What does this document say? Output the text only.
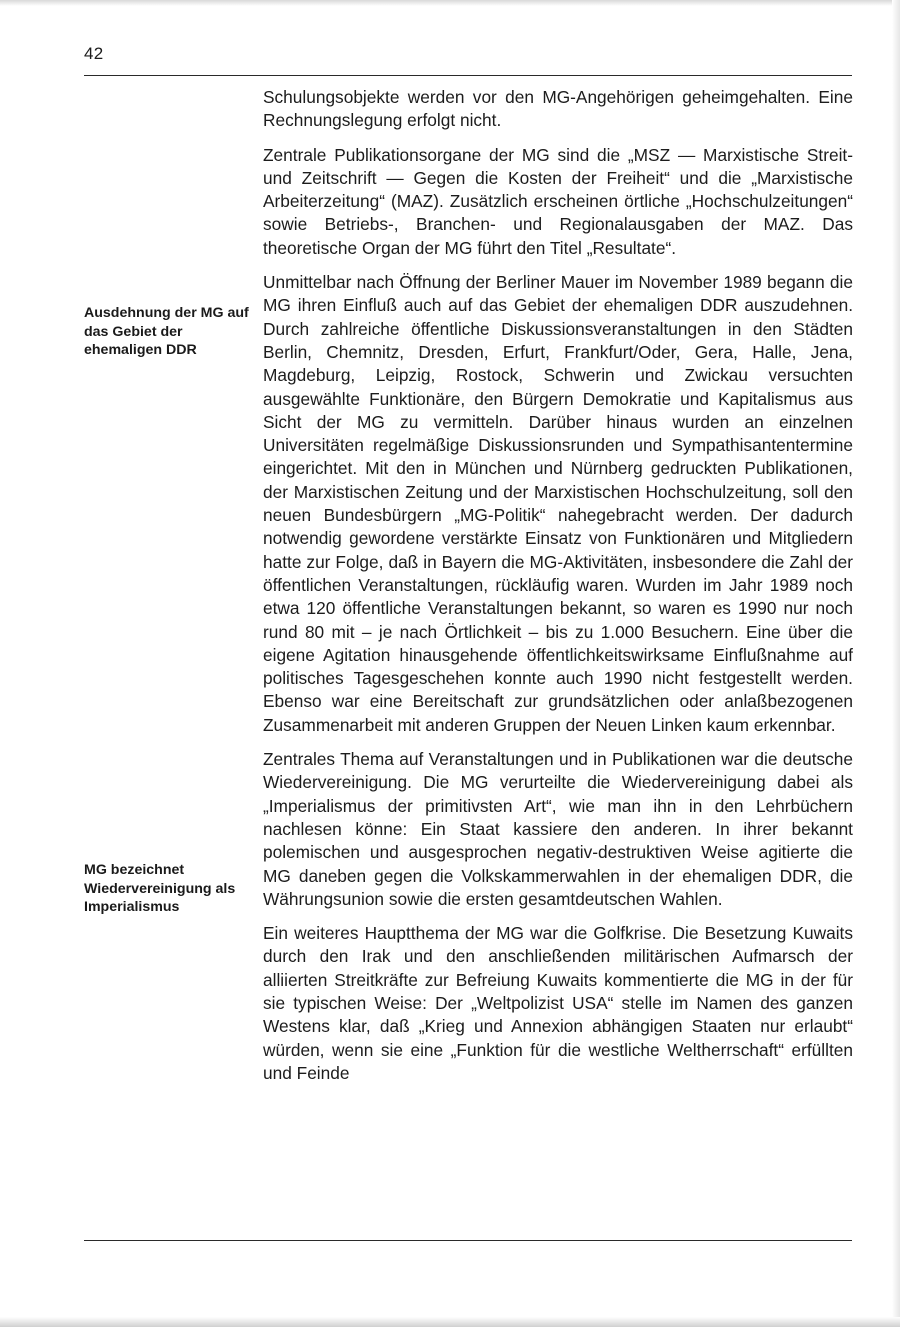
42

Ausdehnung der MG auf das Gebiet der ehemaligen DDR

MG bezeichnet Wiedervereinigung als Imperialismus

Schulungsobjekte werden vor den MG-Angehörigen geheimgehalten. Eine Rechnungslegung erfolgt nicht.

Zentrale Publikationsorgane der MG sind die „MSZ — Marxistische Streit- und Zeitschrift — Gegen die Kosten der Freiheit“ und die „Marxistische Arbeiterzeitung“ (MAZ). Zusätzlich erscheinen örtliche „Hochschulzeitungen“ sowie Betriebs-, Branchen- und Regionalausgaben der MAZ. Das theoretische Organ der MG führt den Titel „Resultate“.

Unmittelbar nach Öffnung der Berliner Mauer im November 1989 begann die MG ihren Einfluß auch auf das Gebiet der ehemaligen DDR auszudehnen. Durch zahlreiche öffentliche Diskussionsveranstaltungen in den Städten Berlin, Chemnitz, Dresden, Erfurt, Frankfurt/Oder, Gera, Halle, Jena, Magdeburg, Leipzig, Rostock, Schwerin und Zwickau versuchten ausgewählte Funktionäre, den Bürgern Demokratie und Kapitalismus aus Sicht der MG zu vermitteln. Darüber hinaus wurden an einzelnen Universitäten regelmäßige Diskussionsrunden und Sympathisantentermine eingerichtet. Mit den in München und Nürnberg gedruckten Publikationen, der Marxistischen Zeitung und der Marxistischen Hochschulzeitung, soll den neuen Bundesbürgern „MG-Politik“ nahegebracht werden. Der dadurch notwendig gewordene verstärkte Einsatz von Funktionären und Mitgliedern hatte zur Folge, daß in Bayern die MG-Aktivitäten, insbesondere die Zahl der öffentlichen Veranstaltungen, rückläufig waren. Wurden im Jahr 1989 noch etwa 120 öffentliche Veranstaltungen bekannt, so waren es 1990 nur noch rund 80 mit – je nach Örtlichkeit – bis zu 1.000 Besuchern. Eine über die eigene Agitation hinausgehende öffentlichkeitswirksame Einflußnahme auf politisches Tagesgeschehen konnte auch 1990 nicht festgestellt werden. Ebenso war eine Bereitschaft zur grundsätzlichen oder anlaßbezogenen Zusammenarbeit mit anderen Gruppen der Neuen Linken kaum erkennbar.

Zentrales Thema auf Veranstaltungen und in Publikationen war die deutsche Wiedervereinigung. Die MG verurteilte die Wiedervereinigung dabei als „Imperialismus der primitivsten Art“, wie man ihn in den Lehrbüchern nachlesen könne: Ein Staat kassiere den anderen. In ihrer bekannt polemischen und ausgesprochen negativ-destruktiven Weise agitierte die MG daneben gegen die Volkskammerwahlen in der ehemaligen DDR, die Währungsunion sowie die ersten gesamtdeutschen Wahlen.

Ein weiteres Hauptthema der MG war die Golfkrise. Die Besetzung Kuwaits durch den Irak und den anschließenden militärischen Aufmarsch der alliierten Streitkräfte zur Befreiung Kuwaits kommentierte die MG in der für sie typischen Weise: Der „Weltpolizist USA“ stelle im Namen des ganzen Westens klar, daß „Krieg und Annexion abhängigen Staaten nur erlaubt“ würden, wenn sie eine „Funktion für die westliche Weltherrschaft“ erfüllten und Feinde
